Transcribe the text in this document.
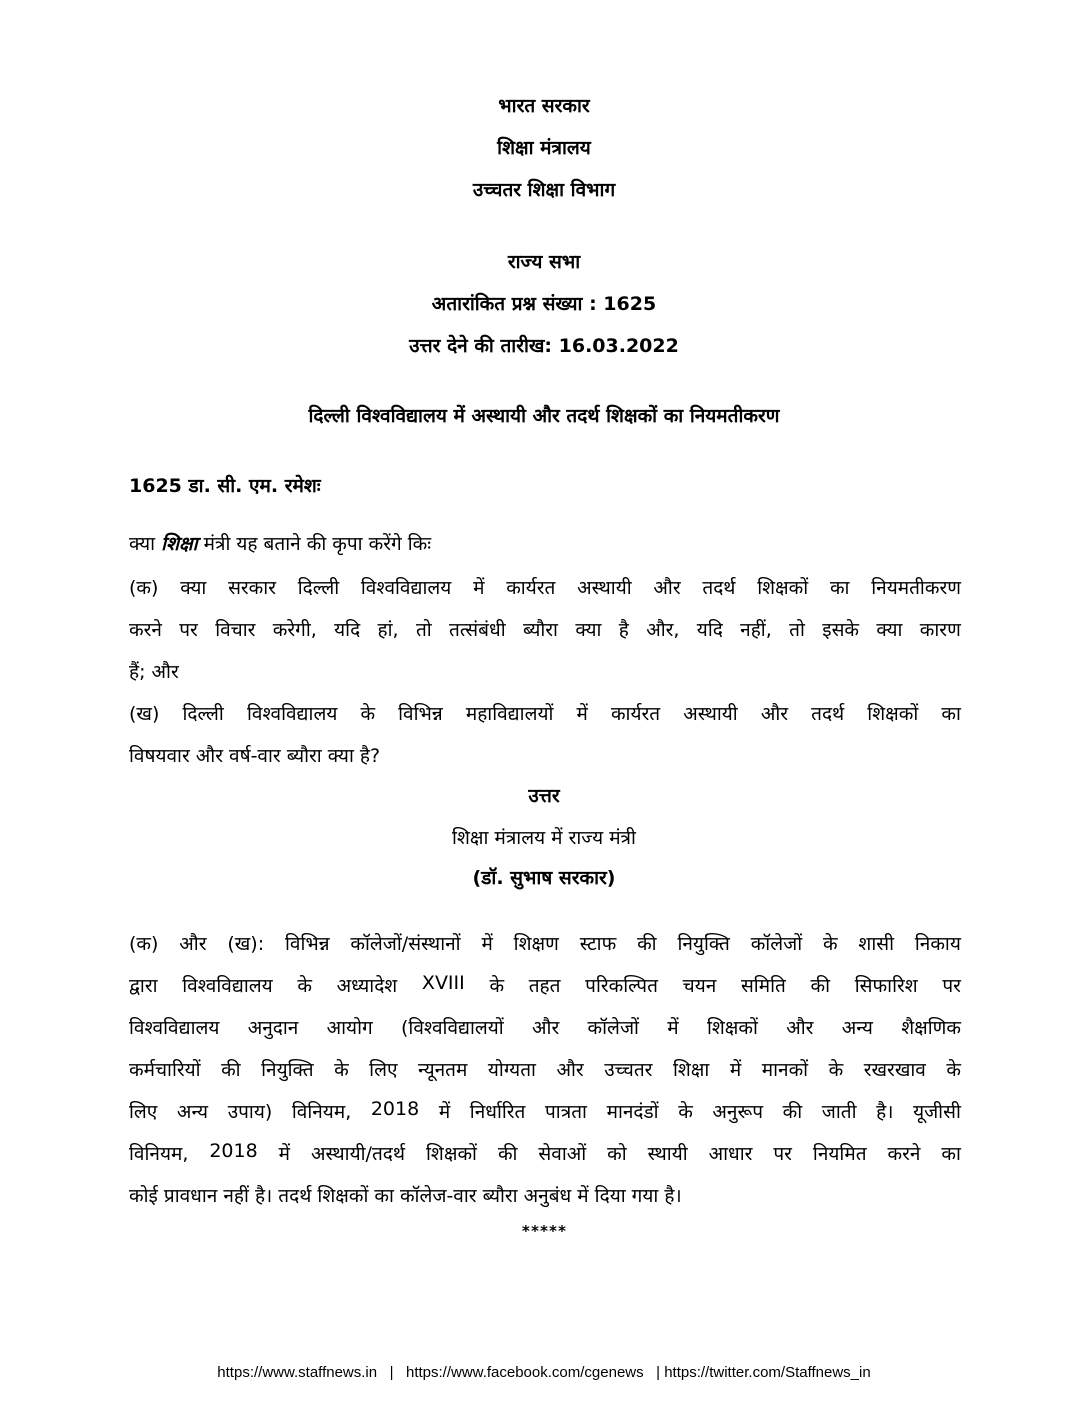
भारत सरकार
शिक्षा मंत्रालय
उच्चतर शिक्षा विभाग
राज्य सभा
अतारांकित प्रश्न संख्या : 1625
उत्तर देने की तारीख: 16.03.2022
दिल्ली विश्वविद्यालय में अस्थायी और तदर्थ शिक्षकों का नियमतीकरण
1625 डा. सी. एम. रमेशः
क्या शिक्षा मंत्री यह बताने की कृपा करेंगे किः
(क) क्या सरकार दिल्ली विश्वविद्यालय में कार्यरत अस्थायी और तदर्थ शिक्षकों का नियमतीकरण
करने पर विचार करेगी, यदि हां, तो तत्संबंधी ब्यौरा क्या है और, यदि नहीं, तो इसके क्या कारण
हैं; और
(ख) दिल्ली विश्वविद्यालय के विभिन्न महाविद्यालयों में कार्यरत अस्थायी और तदर्थ शिक्षकों का
विषयवार और वर्ष-वार ब्यौरा क्या है?
उत्तर
शिक्षा मंत्रालय में राज्य मंत्री
(डॉ. सुभाष सरकार)
(क) और (ख): विभिन्न कॉलेजों/संस्थानों में शिक्षण स्टाफ की नियुक्ति कॉलेजों के शासी निकाय
द्वारा विश्वविद्यालय के अध्यादेश XVIII के तहत परिकल्पित चयन समिति की सिफारिश पर
विश्वविद्यालय अनुदान आयोग (विश्वविद्यालयों और कॉलेजों में शिक्षकों और अन्य शैक्षणिक
कर्मचारियों की नियुक्ति के लिए न्यूनतम योग्यता और उच्चतर शिक्षा में मानकों के रखरखाव के
लिए अन्य उपाय) विनियम, 2018 में निर्धारित पात्रता मानदंडों के अनुरूप की जाती है। यूजीसी
विनियम, 2018 में अस्थायी/तदर्थ शिक्षकों की सेवाओं को स्थायी आधार पर नियमित करने का
कोई प्रावधान नहीं है। तदर्थ शिक्षकों का कॉलेज-वार ब्यौरा अनुबंध में दिया गया है।
*****
https://www.staffnews.in   |   https://www.facebook.com/cgenews   | https://twitter.com/Staffnews_in
